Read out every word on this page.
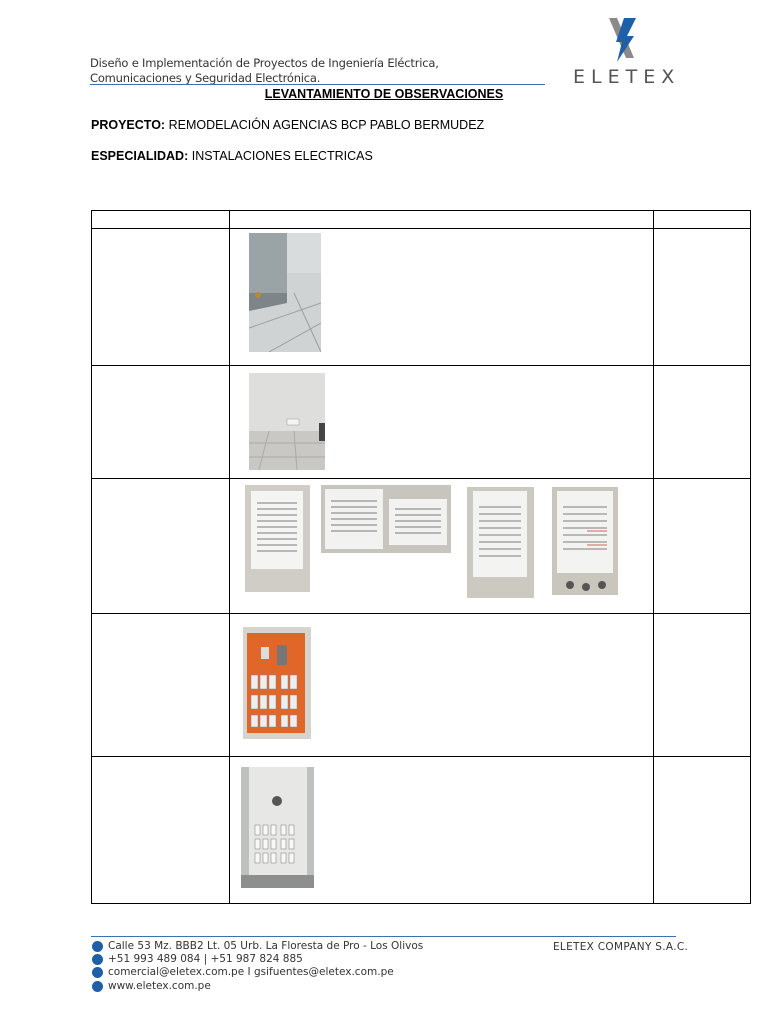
Diseño e Implementación de Proyectos de Ingeniería Eléctrica,
Comunicaciones y Seguridad Electrónica.	ELETEX
LEVANTAMIENTO DE OBSERVACIONES
PROYECTO: REMODELACIÓN AGENCIAS BCP PABLO BERMUDEZ
ESPECIALIDAD: INSTALACIONES ELECTRICAS

Calle 53 Mz. BBB2 Lt. 05 Urb. La Floresta de Pro - Los Olivos
+51 993 489 084 | +51 987 824 885
comercial@eletex.com.pe I gsifuentes@eletex.com.pe
www.eletex.com.pe
ELETEX COMPANY S.A.C.
